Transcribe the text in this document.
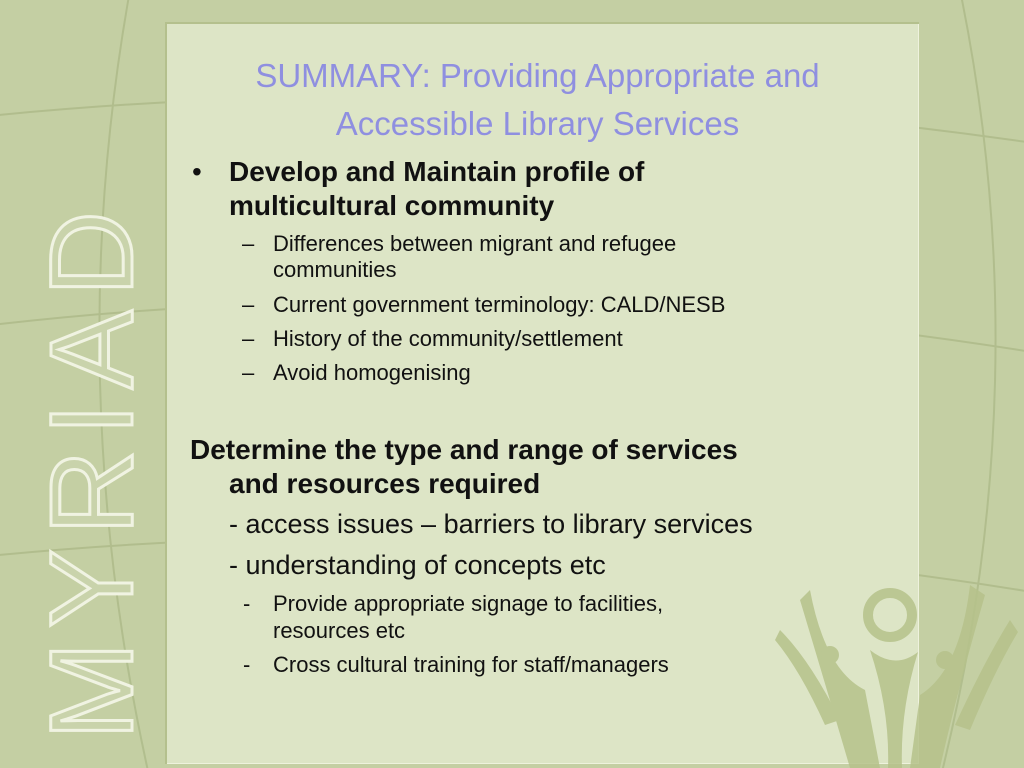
MYRIAD
SUMMARY: Providing Appropriate and
Accessible Library Services
• Develop and Maintain profile of
multicultural community
– Differences between migrant and refugee
communities
– Current government terminology: CALD/NESB
– History of the community/settlement
– Avoid homogenising
Determine the type and range of services
and resources required
- access issues – barriers to library services
- understanding of concepts etc
- Provide appropriate signage to facilities,
resources etc
- Cross cultural training for staff/managers
